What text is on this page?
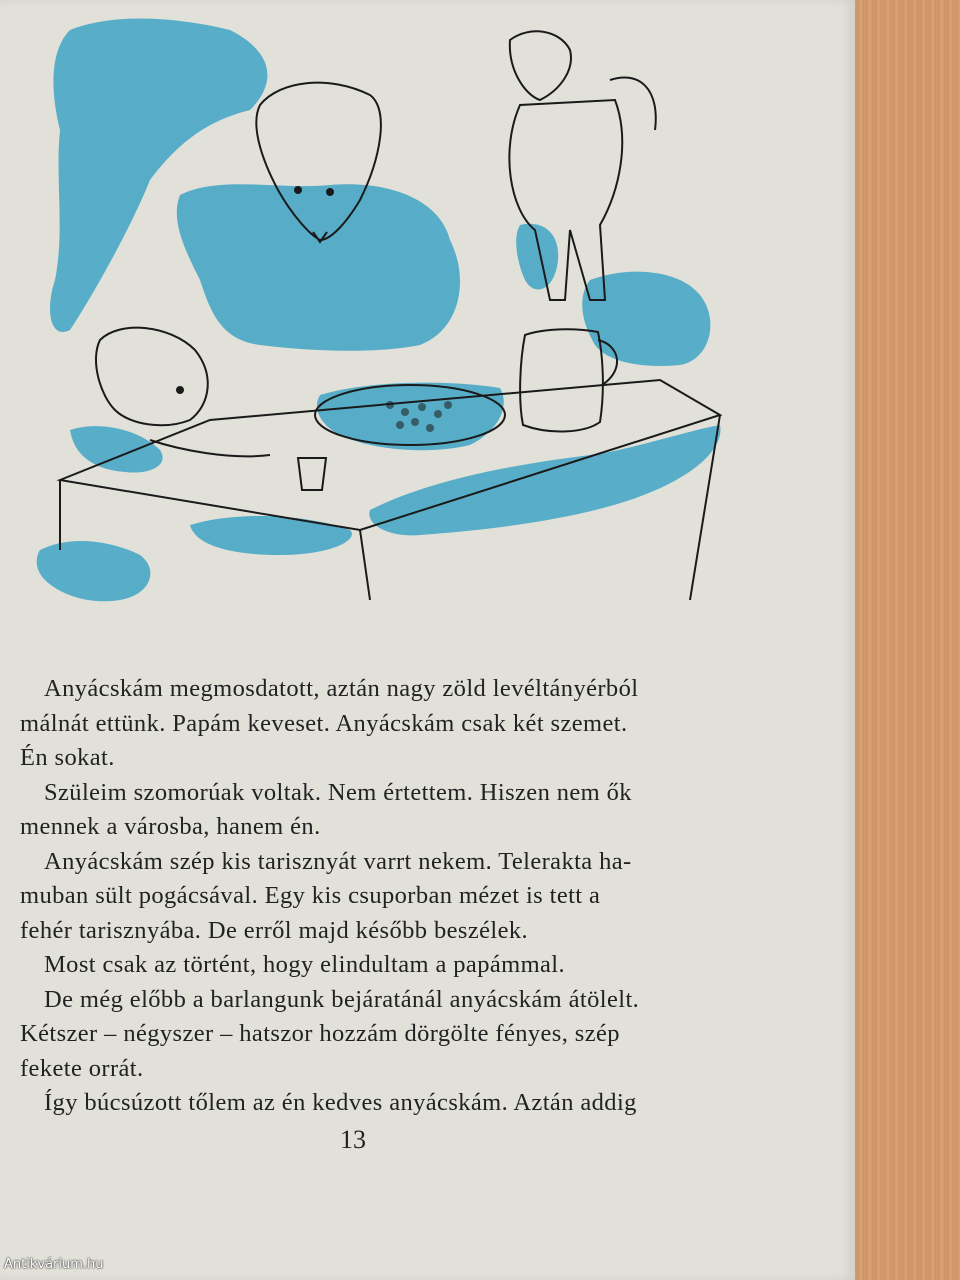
Anyácskám megmosdatott, aztán nagy zöld levéltányérból
málnát ettünk. Papám keveset. Anyácskám csak két szemet.
Én sokat.

Szüleim szomorúak voltak. Nem értettem. Hiszen nem ők
mennek a városba, hanem én.

Anyácskám szép kis tarisznyát varrt nekem. Telerakta ha-
muban sült pogácsával. Egy kis csuporban mézet is tett a
fehér tarisznyába. De erről majd később beszélek.

Most csak az történt, hogy elindultam a papámmal.

De még előbb a barlangunk bejáratánál anyácskám átölelt.
Kétszer – négyszer – hatszor hozzám dörgölte fényes, szép
fekete orrát.

Így búcsúzott tőlem az én kedves anyácskám. Aztán addig

13
Antikvárium.hu
